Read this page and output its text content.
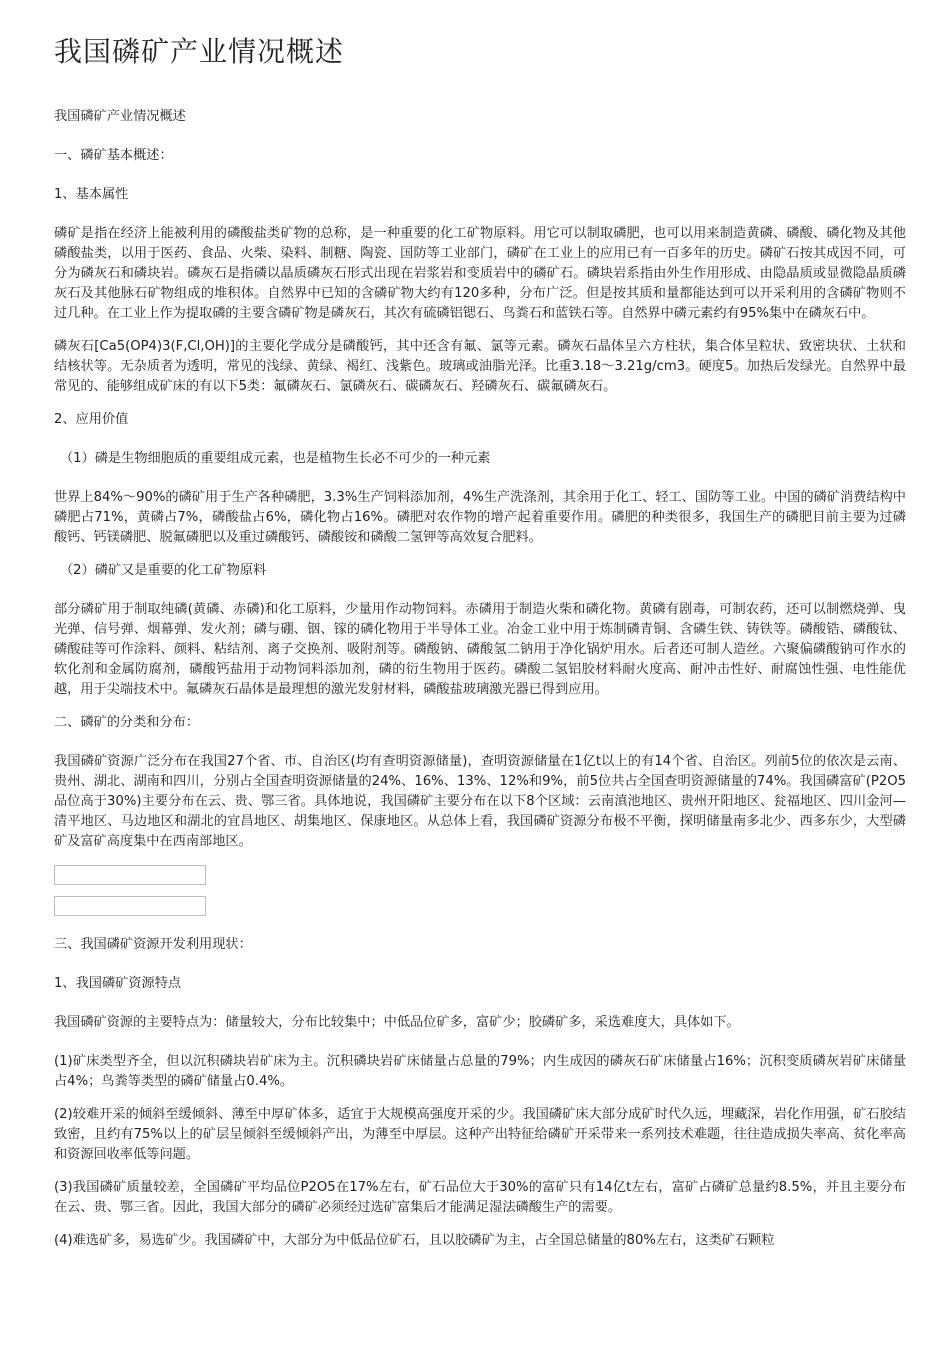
我国磷矿产业情况概述
我国磷矿产业情况概述
一、磷矿基本概述：
1、基本属性

磷矿是指在经济上能被利用的磷酸盐类矿物的总称，是一种重要的化工矿物原料。用它可以制取磷肥，也可以用来制造黄磷、磷酸、磷化物及其他磷酸盐类，以用于医药、食品、火柴、染料、制糖、陶瓷、国防等工业部门，磷矿在工业上的应用已有一百多年的历史。磷矿石按其成因不同，可分为磷灰石和磷块岩。磷灰石是指磷以晶质磷灰石形式出现在岩浆岩和变质岩中的磷矿石。磷块岩系指由外生作用形成、由隐晶质或显微隐晶质磷灰石及其他脉石矿物组成的堆积体。自然界中已知的含磷矿物大约有120多种，分布广泛。但是按其质和量都能达到可以开采利用的含磷矿物则不过几种。在工业上作为提取磷的主要含磷矿物是磷灰石，其次有硫磷铝锶石、鸟粪石和蓝铁石等。自然界中磷元素约有95%集中在磷灰石中。

磷灰石[Ca5(OP4)3(F,Cl,OH)]的主要化学成分是磷酸钙，其中还含有氟、氯等元素。磷灰石晶体呈六方柱状，集合体呈粒状、致密块状、土状和结核状等。无杂质者为透明，常见的浅绿、黄绿、褐红、浅紫色。玻璃或油脂光泽。比重3.18～3.21g/cm3。硬度5。加热后发绿光。自然界中最常见的、能够组成矿床的有以下5类：氟磷灰石、氯磷灰石、碳磷灰石、羟磷灰石、碳氟磷灰石。

2、应用价值
（1）磷是生物细胞质的重要组成元素，也是植物生长必不可少的一种元素

世界上84%～90%的磷矿用于生产各种磷肥，3.3%生产饲料添加剂，4%生产洗涤剂，其余用于化工、轻工、国防等工业。中国的磷矿消费结构中磷肥占71%，黄磷占7%，磷酸盐占6%，磷化物占16%。磷肥对农作物的增产起着重要作用。磷肥的种类很多，我国生产的磷肥目前主要为过磷酸钙、钙镁磷肥、脱氟磷肥以及重过磷酸钙、磷酸铵和磷酸二氢钾等高效复合肥料。

（2）磷矿又是重要的化工矿物原料

部分磷矿用于制取纯磷(黄磷、赤磷)和化工原料，少量用作动物饲料。赤磷用于制造火柴和磷化物。黄磷有剧毒，可制农药，还可以制燃烧弹、曳光弹、信号弹、烟幕弹、发火剂；磷与硼、铟、镓的磷化物用于半导体工业。冶金工业中用于炼制磷青铜、含磷生铁、铸铁等。磷酸锆、磷酸钛、磷酸硅等可作涂料、颜料、粘结剂、离子交换剂、吸附剂等。磷酸钠、磷酸氢二钠用于净化锅炉用水。后者还可制人造丝。六聚偏磷酸钠可作水的软化剂和金属防腐剂，磷酸钙盐用于动物饲料添加剂，磷的衍生物用于医药。磷酸二氢铝胶材料耐火度高、耐冲击性好、耐腐蚀性强、电性能优越，用于尖端技术中。氟磷灰石晶体是最理想的激光发射材料，磷酸盐玻璃激光器已得到应用。

二、磷矿的分类和分布：

我国磷矿资源广泛分布在我国27个省、市、自治区(均有查明资源储量)，查明资源储量在1亿t以上的有14个省、自治区。列前5位的依次是云南、贵州、湖北、湖南和四川，分别占全国查明资源储量的24%、16%、13%、12%和9%，前5位共占全国查明资源储量的74%。我国磷富矿(P2O5品位高于30%)主要分布在云、贵、鄂三省。具体地说，我国磷矿主要分布在以下8个区域：云南滇池地区、贵州开阳地区、瓮福地区、四川金河—清平地区、马边地区和湖北的宜昌地区、胡集地区、保康地区。从总体上看，我国磷矿资源分布极不平衡，探明储量南多北少、西多东少，大型磷矿及富矿高度集中在西南部地区。

三、我国磷矿资源开发利用现状：
1、我国磷矿资源特点
我国磷矿资源的主要特点为：储量较大，分布比较集中；中低品位矿多，富矿少；胶磷矿多，采选难度大，具体如下。

(1)矿床类型齐全，但以沉积磷块岩矿床为主。沉积磷块岩矿床储量占总量的79%；内生成因的磷灰石矿床储量占16%；沉积变质磷灰岩矿床储量占4%；鸟粪等类型的磷矿储量占0.4%。

(2)较难开采的倾斜至缓倾斜、薄至中厚矿体多，适宜于大规模高强度开采的少。我国磷矿床大部分成矿时代久远，埋藏深，岩化作用强，矿石胶结致密，且约有75%以上的矿层呈倾斜至缓倾斜产出，为薄至中厚层。这种产出特征给磷矿开采带来一系列技术难题，往往造成损失率高、贫化率高和资源回收率低等问题。

(3)我国磷矿质量较差，全国磷矿平均品位P2O5在17%左右，矿石品位大于30%的富矿只有14亿t左右，富矿占磷矿总量约8.5%，并且主要分布在云、贵、鄂三省。因此，我国大部分的磷矿必须经过选矿富集后才能满足湿法磷酸生产的需要。

(4)难选矿多，易选矿少。我国磷矿中，大部分为中低品位矿石，且以胶磷矿为主，占全国总储量的80%左右，这类矿石颗粒
